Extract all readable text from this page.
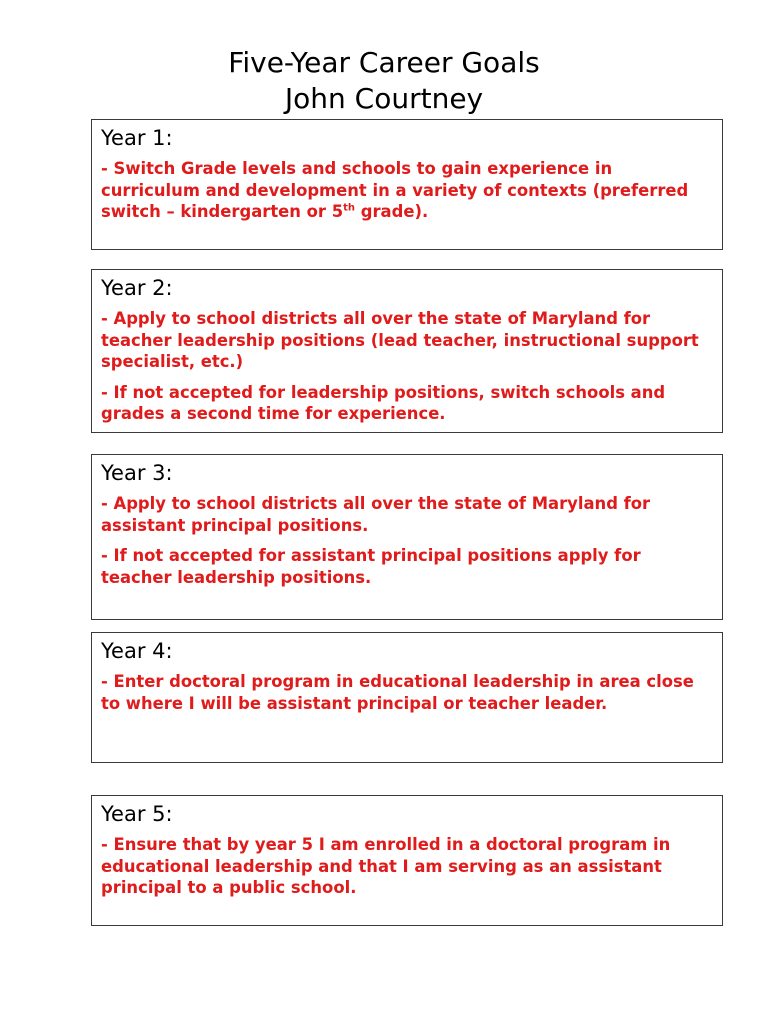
Five-Year Career Goals
John Courtney
Year 1:
- Switch Grade levels and schools to gain experience in curriculum and development in a variety of contexts (preferred switch – kindergarten or 5th grade).
Year 2:
- Apply to school districts all over the state of Maryland for teacher leadership positions (lead teacher, instructional support specialist, etc.)
- If not accepted for leadership positions, switch schools and grades a second time for experience.
Year 3:
- Apply to school districts all over the state of Maryland for assistant principal positions.
- If not accepted for assistant principal positions apply for teacher leadership positions.
Year 4:
- Enter doctoral program in educational leadership in area close to where I will be assistant principal or teacher leader.
Year 5:
- Ensure that by year 5 I am enrolled in a doctoral program in educational leadership and that I am serving as an assistant principal to a public school.
